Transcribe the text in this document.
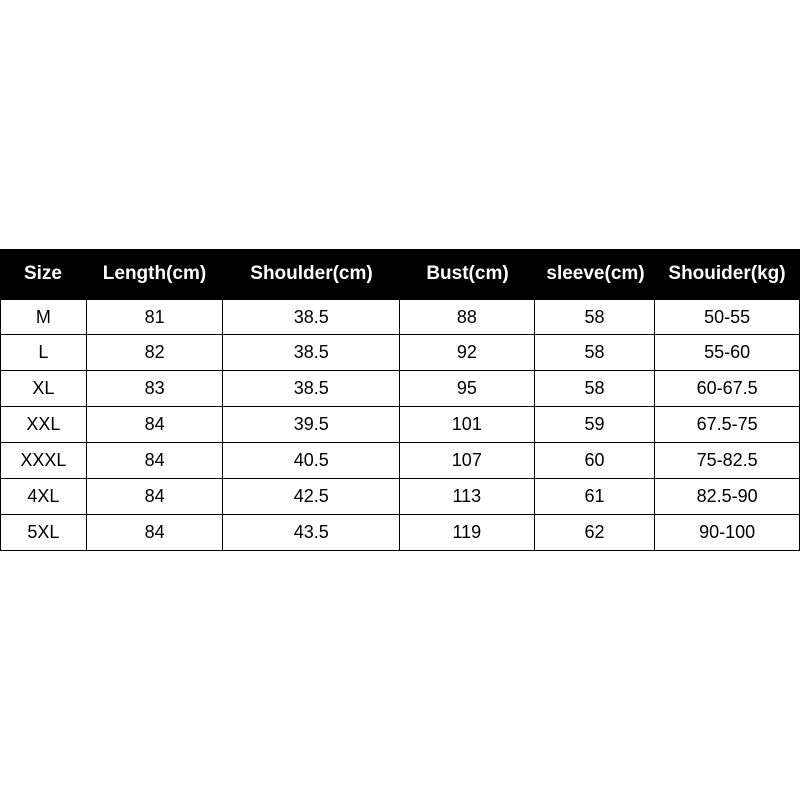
Size	Length(cm)	Shoulder(cm)	Bust(cm)	sleeve(cm)	Shouider(kg)
M	81	38.5	88	58	50-55
L	82	38.5	92	58	55-60
XL	83	38.5	95	58	60-67.5
XXL	84	39.5	101	59	67.5-75
XXXL	84	40.5	107	60	75-82.5
4XL	84	42.5	113	61	82.5-90
5XL	84	43.5	119	62	90-100
